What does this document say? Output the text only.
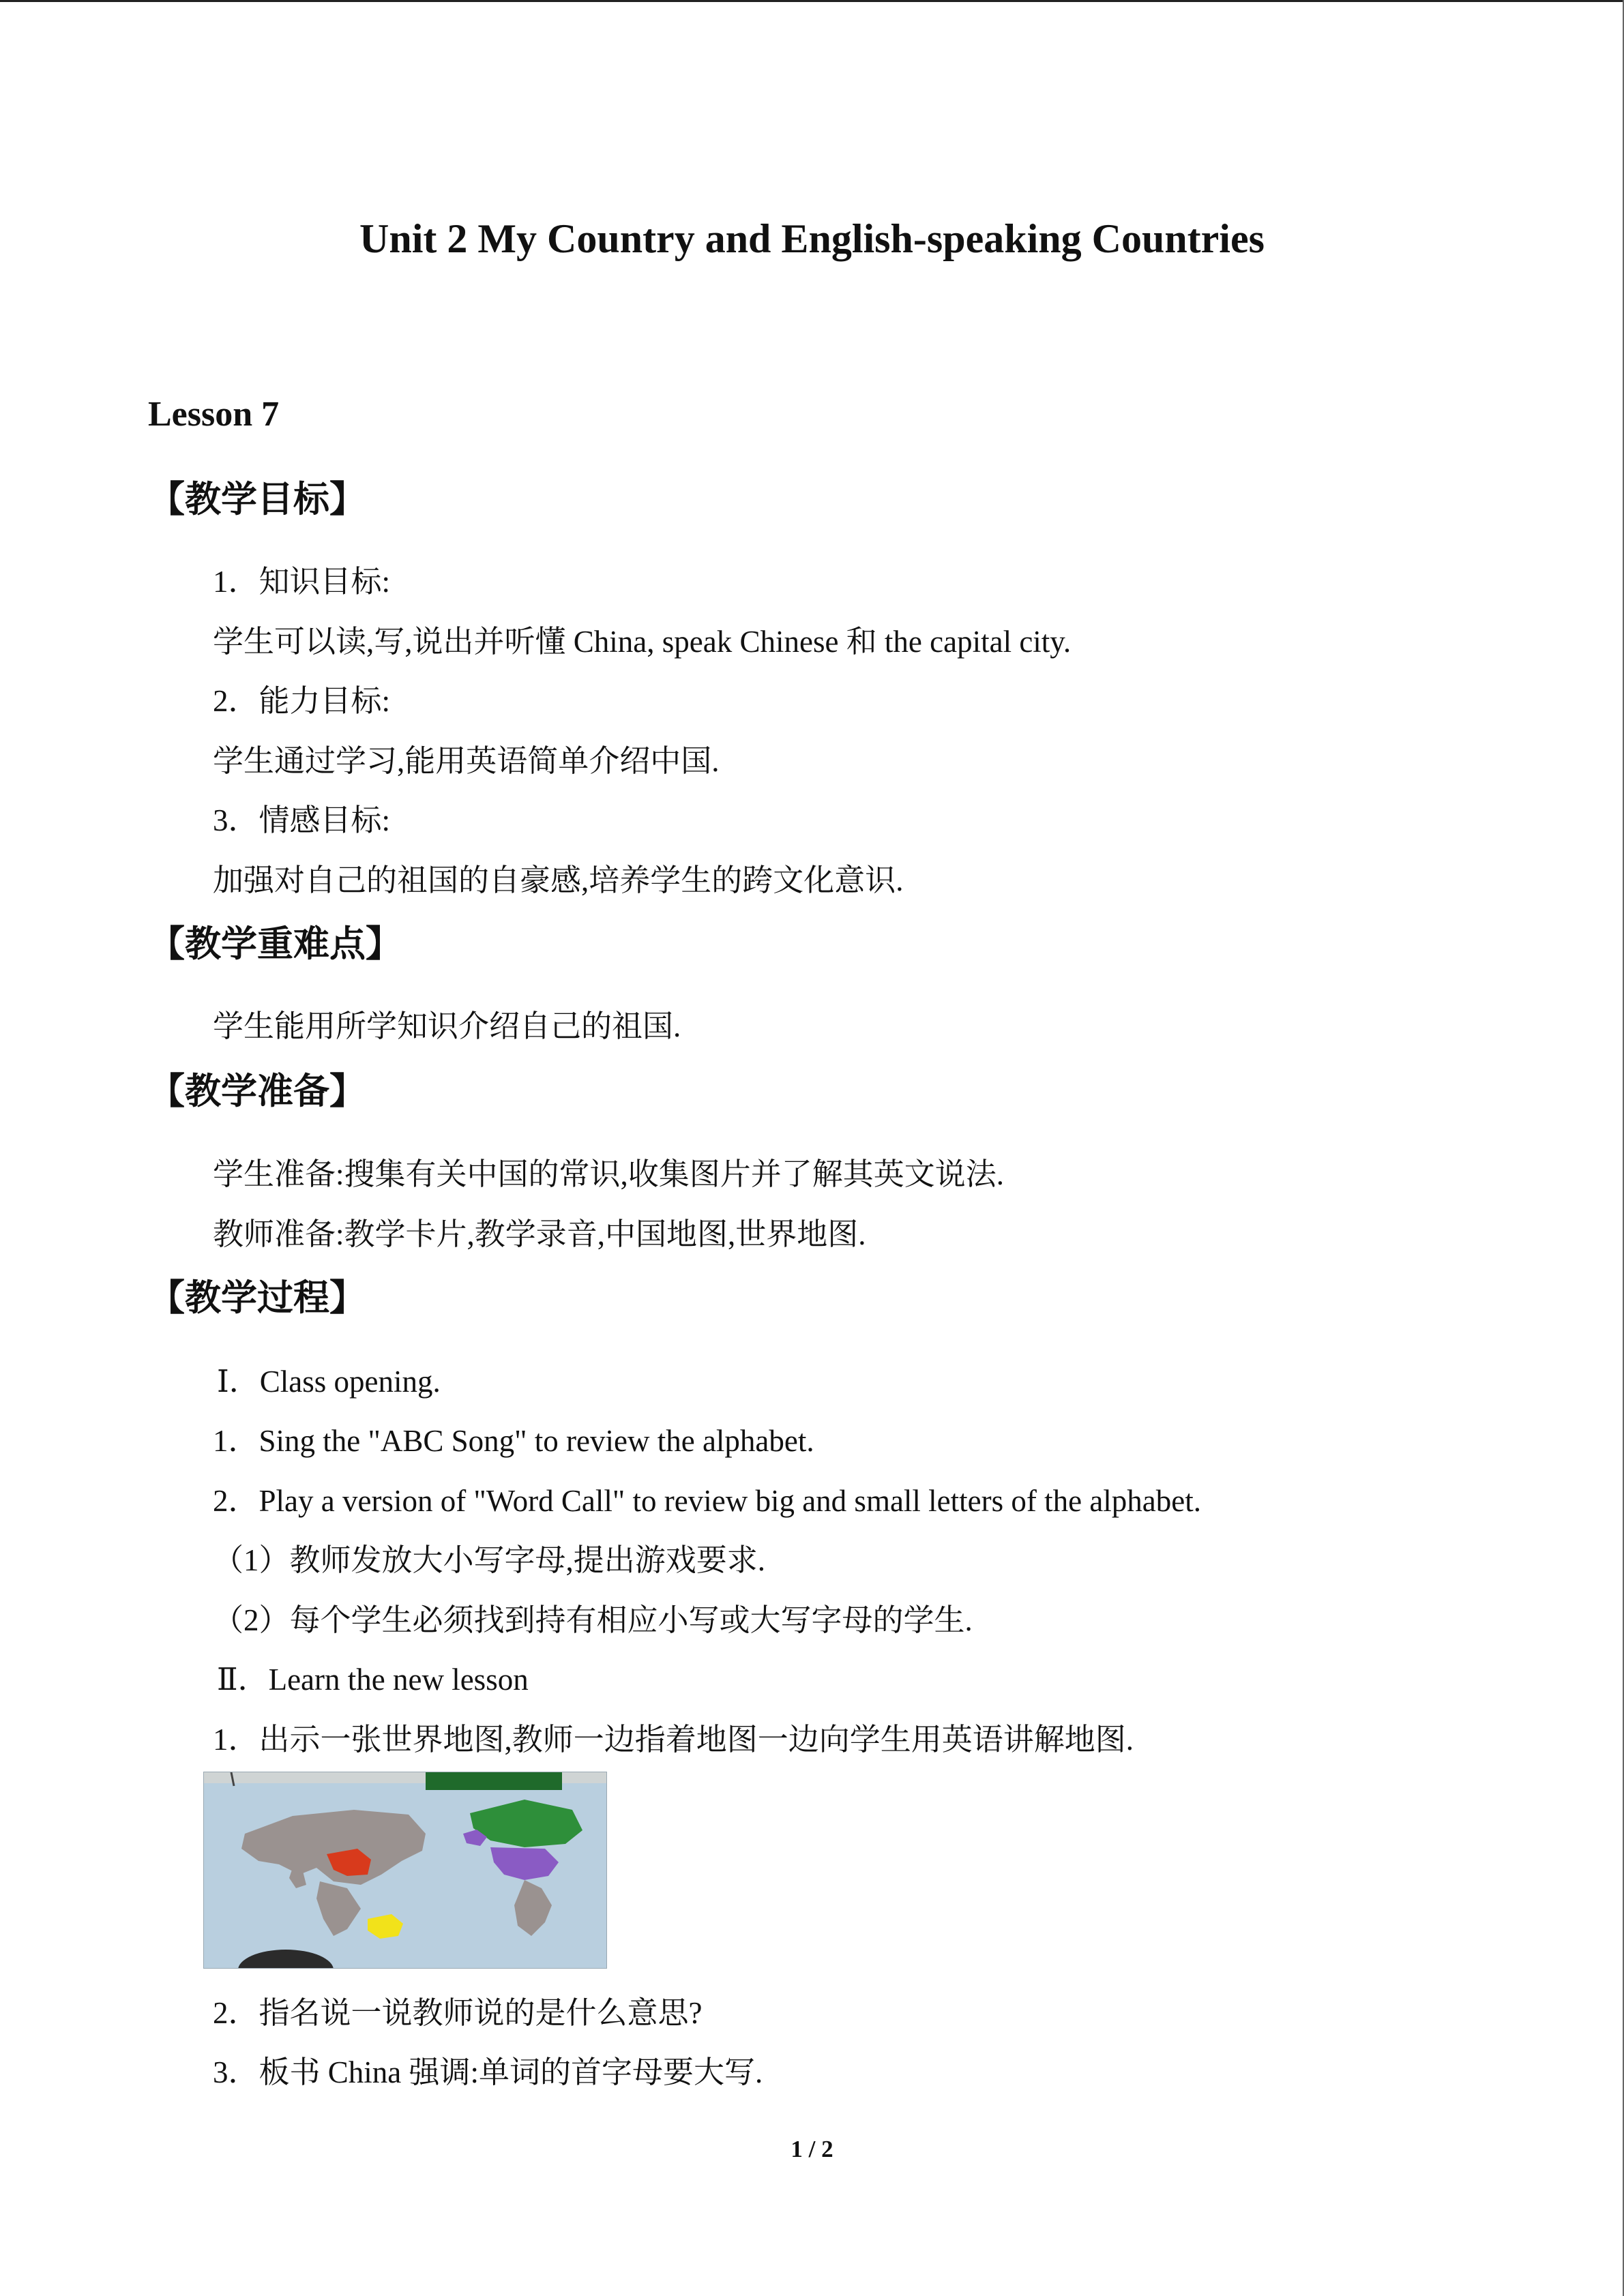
Unit 2 My Country and English-speaking Countries
Lesson 7
【教学目标】
1．知识目标:
学生可以读,写,说出并听懂 China, speak Chinese 和 the capital city.
2．能力目标:
学生通过学习,能用英语简单介绍中国.
3．情感目标:
加强对自己的祖国的自豪感,培养学生的跨文化意识.
【教学重难点】
学生能用所学知识介绍自己的祖国.
【教学准备】
学生准备:搜集有关中国的常识,收集图片并了解其英文说法.
教师准备:教学卡片,教学录音,中国地图,世界地图.
【教学过程】
Ⅰ．Class opening.
1．Sing the "ABC Song" to review the alphabet.
2．Play a version of "Word Call" to review big and small letters of the alphabet.
（1）教师发放大小写字母,提出游戏要求.
（2）每个学生必须找到持有相应小写或大写字母的学生.
Ⅱ．Learn the new lesson
1．出示一张世界地图,教师一边指着地图一边向学生用英语讲解地图.
2．指名说一说教师说的是什么意思?
3．板书 China 强调:单词的首字母要大写.
1 / 2
